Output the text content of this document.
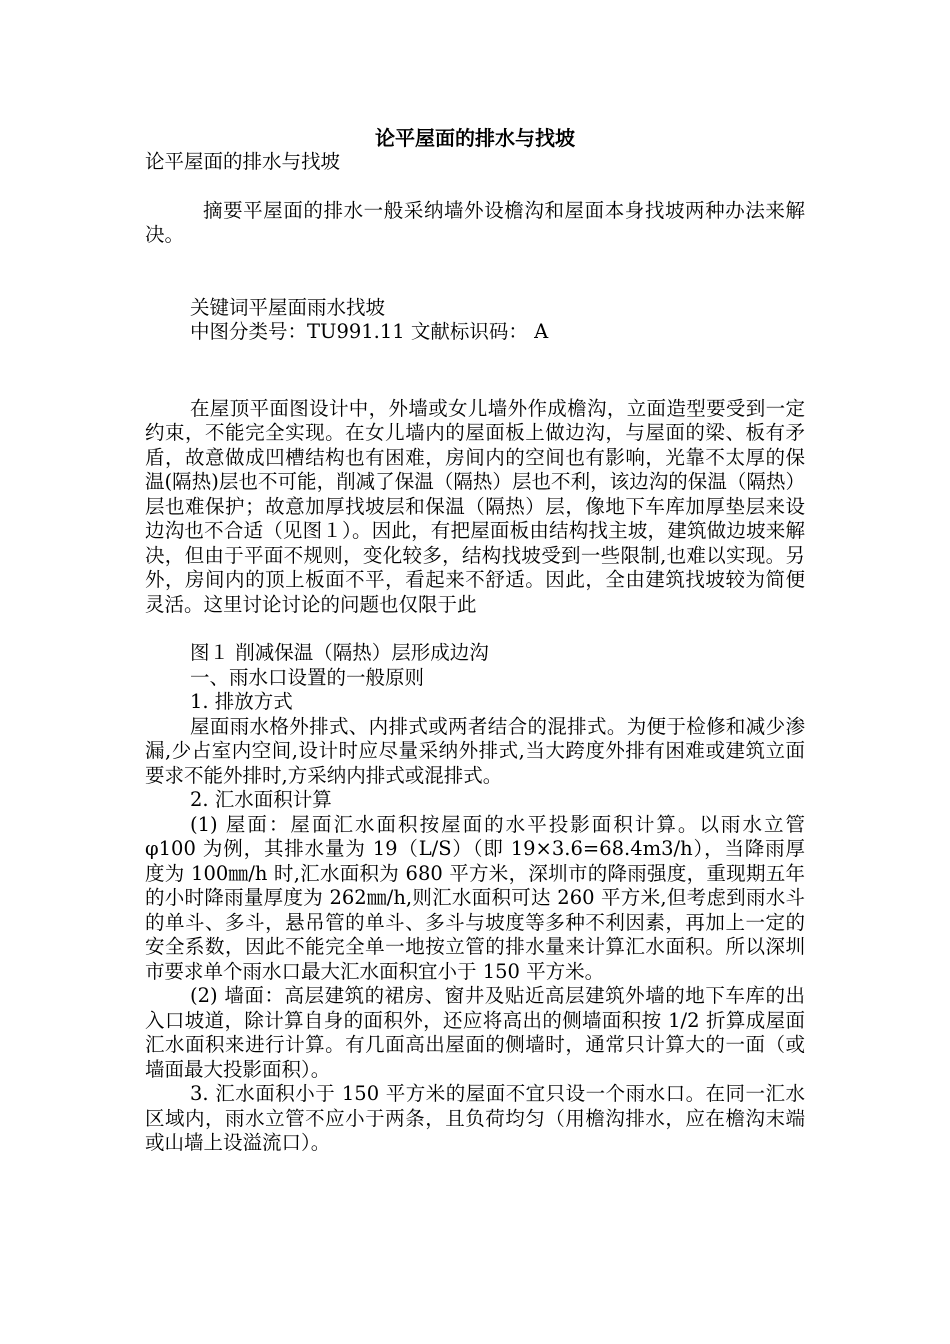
论平屋面的排水与找坡

论平屋面的排水与找坡

摘要平屋面的排水一般采纳墙外设檐沟和屋面本身找坡两种办法来解决。

关键词平屋面雨水找坡

中图分类号：TU991.11 文献标识码： A

在屋顶平面图设计中，外墙或女儿墙外作成檐沟，立面造型要受到一定约束，不能完全实现。在女儿墙内的屋面板上做边沟，与屋面的梁、板有矛盾，故意做成凹槽结构也有困难，房间内的空间也有影响，光靠不太厚的保温(隔热)层也不可能，削减了保温（隔热）层也不利，该边沟的保温（隔热）层也难保护；故意加厚找坡层和保温（隔热）层，像地下车库加厚垫层来设边沟也不合适（见图１）。因此，有把屋面板由结构找主坡，建筑做边坡来解决，但由于平面不规则，变化较多，结构找坡受到一些限制,也难以实现。另外，房间内的顶上板面不平，看起来不舒适。因此，全由建筑找坡较为简便灵活。这里讨论讨论的问题也仅限于此

图１ 削减保温（隔热）层形成边沟

一、雨水口设置的一般原则

1. 排放方式

屋面雨水格外排式、内排式或两者结合的混排式。为便于检修和减少渗漏,少占室内空间,设计时应尽量采纳外排式,当大跨度外排有困难或建筑立面要求不能外排时,方采纳内排式或混排式。

2. 汇水面积计算

(1) 屋面：屋面汇水面积按屋面的水平投影面积计算。以雨水立管 φ100 为例，其排水量为 19（L/S）（即 19×3.6=68.4m3/h），当降雨厚度为 100㎜/h 时,汇水面积为 680 平方米，深圳市的降雨强度，重现期五年的小时降雨量厚度为 262㎜/h,则汇水面积可达 260 平方米,但考虑到雨水斗的单斗、多斗，悬吊管的单斗、多斗与坡度等多种不利因素，再加上一定的安全系数，因此不能完全单一地按立管的排水量来计算汇水面积。所以深圳市要求单个雨水口最大汇水面积宜小于 150 平方米。

(2) 墙面：高层建筑的裙房、窗井及贴近高层建筑外墙的地下车库的出入口坡道，除计算自身的面积外，还应将高出的侧墙面积按 1/2 折算成屋面汇水面积来进行计算。有几面高出屋面的侧墙时，通常只计算大的一面（或墙面最大投影面积）。

3. 汇水面积小于 150 平方米的屋面不宜只设一个雨水口。在同一汇水区域内，雨水立管不应小于两条，且负荷均匀（用檐沟排水，应在檐沟末端或山墙上设溢流口）。
